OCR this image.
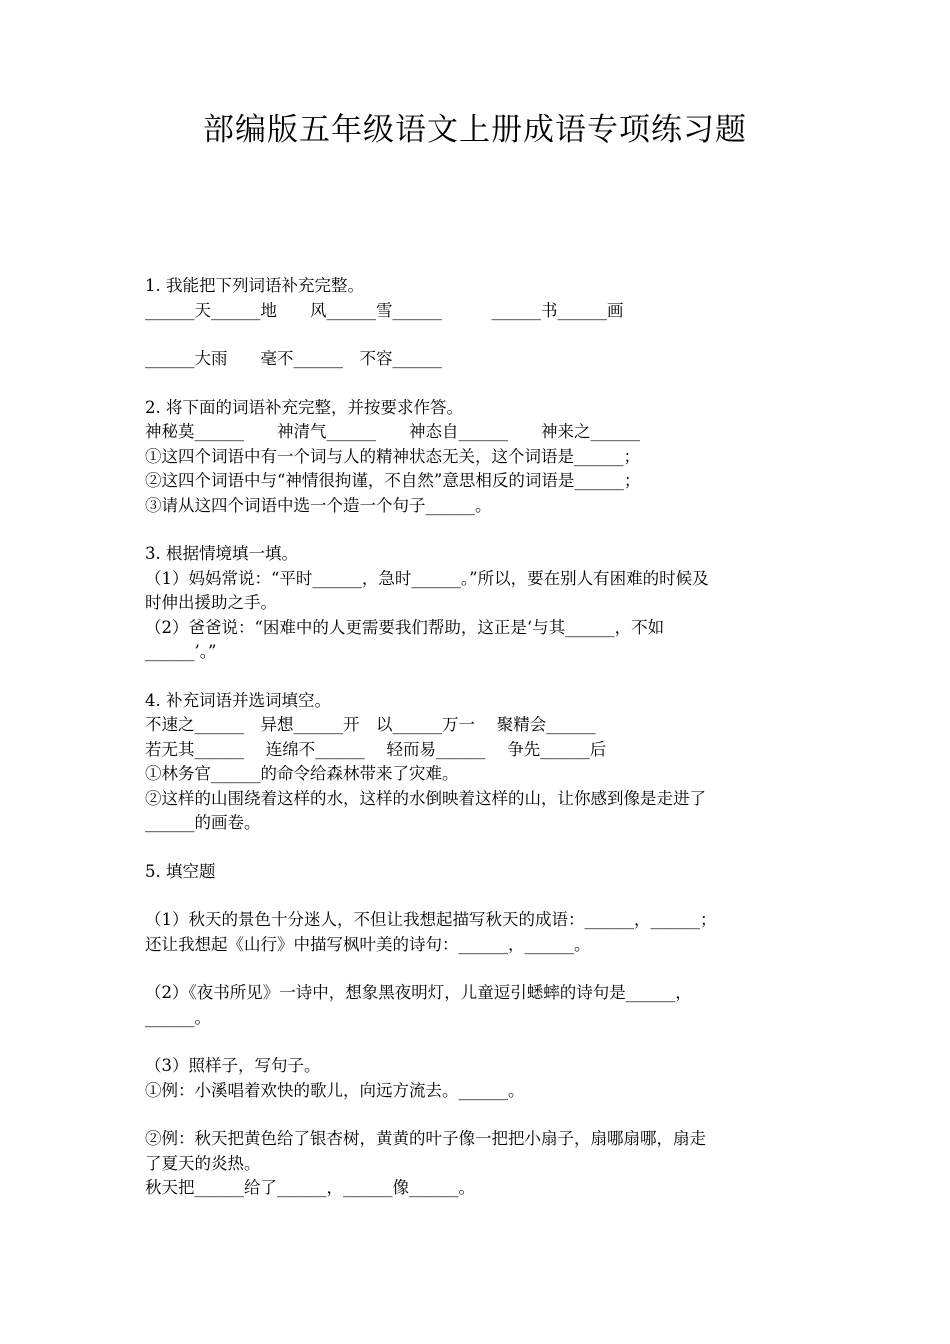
部编版五年级语文上册成语专项练习题
1. 我能把下列词语补充完整。
______天______地　　风______雪______　　　______书______画
______大雨　　毫不______　不容______
2. 将下面的词语补充完整，并按要求作答。
神秘莫______　　神清气______　　神态自______　　神来之______
①这四个词语中有一个词与人的精神状态无关，这个词语是______；
②这四个词语中与“神情很拘谨，不自然”意思相反的词语是______；
③请从这四个词语中选一个造一个句子______。
3. 根据情境填一填。
（1）妈妈常说：“平时______，急时______。”所以，要在别人有困难的时候及
时伸出援助之手。
（2）爸爸说：“困难中的人更需要我们帮助，这正是‘与其______，不如
______’。”
4. 补充词语并选词填空。
不速之______　异想______开　以______万一　 聚精会______
若无其______　 连绵不______　 轻而易______　 争先______后
①林务官______的命令给森林带来了灾难。
②这样的山围绕着这样的水，这样的水倒映着这样的山，让你感到像是走进了
______的画卷。
5. 填空题
（1）秋天的景色十分迷人，不但让我想起描写秋天的成语：______，______；
还让我想起《山行》中描写枫叶美的诗句：______，______。
（2）《夜书所见》一诗中，想象黑夜明灯，儿童逗引蟋蟀的诗句是______，
______。
（3）照样子，写句子。
①例：小溪唱着欢快的歌儿，向远方流去。______。
②例：秋天把黄色给了银杏树，黄黄的叶子像一把把小扇子，扇哪扇哪，扇走
了夏天的炎热。
秋天把______给了______，______像______。
